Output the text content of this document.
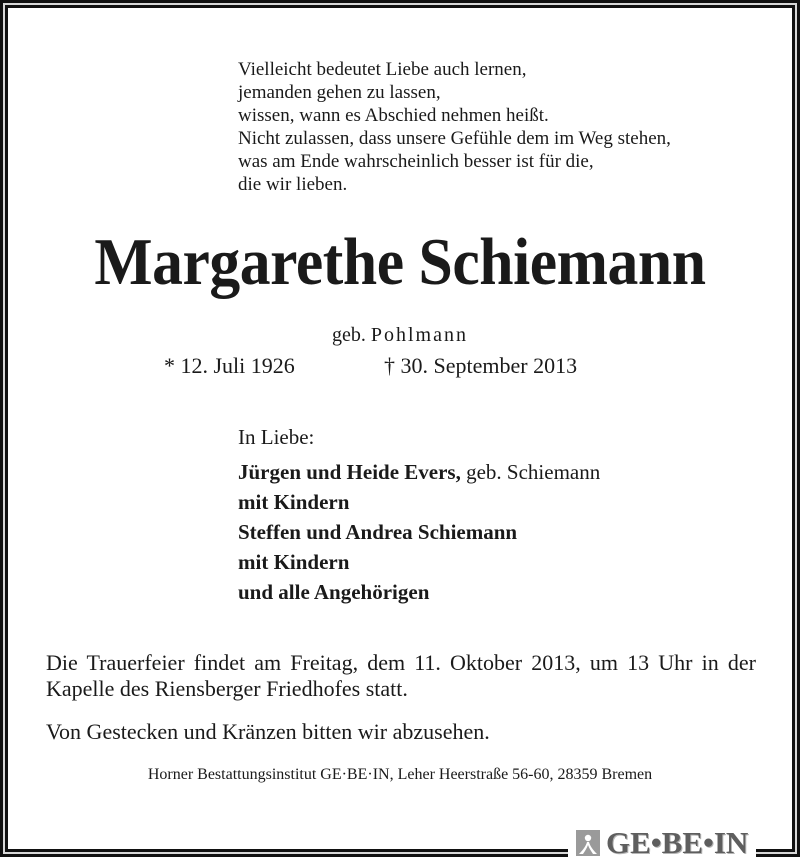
Vielleicht bedeutet Liebe auch lernen,
jemanden gehen zu lassen,
wissen, wann es Abschied nehmen heißt.
Nicht zulassen, dass unsere Gefühle dem im Weg stehen,
was am Ende wahrscheinlich besser ist für die,
die wir lieben.
Margarethe Schiemann
geb. Pohlmann
* 12. Juli 1926	† 30. September 2013
In Liebe:
Jürgen und Heide Evers, geb. Schiemann
mit Kindern
Steffen und Andrea Schiemann
mit Kindern
und alle Angehörigen
Die Trauerfeier findet am Freitag, dem 11. Oktober 2013, um 13 Uhr in der Kapelle des Riensberger Friedhofes statt.
Von Gestecken und Kränzen bitten wir abzusehen.
Horner Bestattungsinstitut GE·BE·IN, Leher Heerstraße 56-60, 28359 Bremen
GE•BE•IN
